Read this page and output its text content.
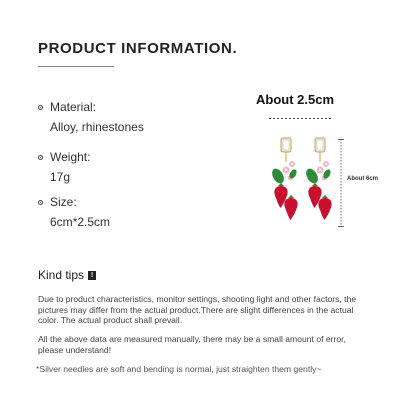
PRODUCT INFORMATION.
Material:
Alloy, rhinestones
Weight:
17g
Size:
6cm*2.5cm
About 2.5cm
About 6cm
Kind tips !
Due to product characteristics, monitor settings, shooting light and other factors, the pictures may differ from the actual product.There are slight differences in the actual color. The actual product shall prevail.
All the above data are measured manually, there may be a small amount of error, please understand!
*Silver needles are soft and bending is normal, just straighten them gently~
